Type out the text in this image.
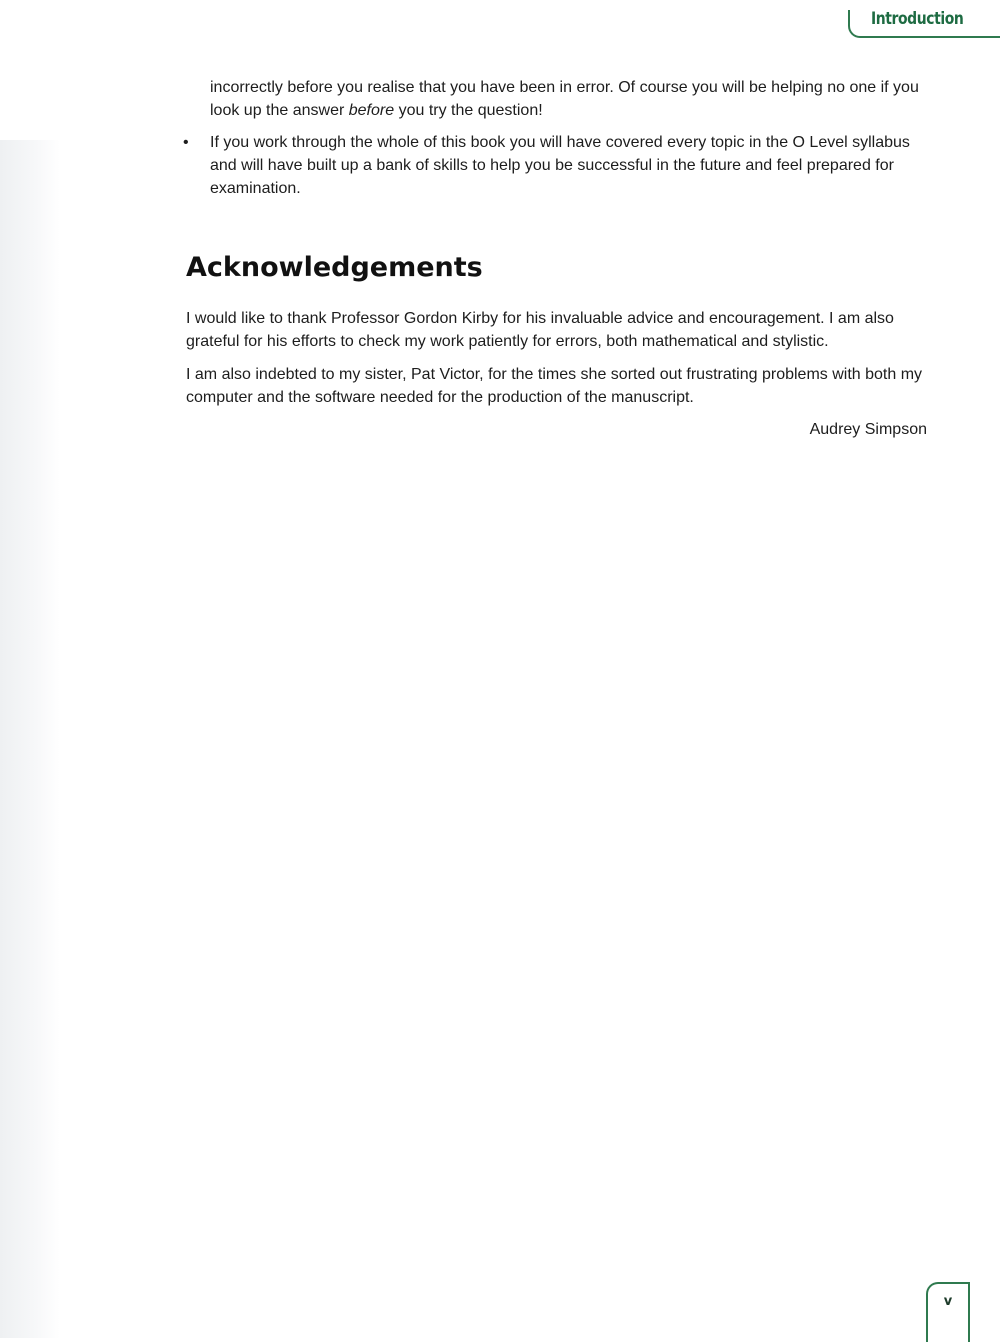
Introduction

incorrectly before you realise that you have been in error. Of course you will be helping no one if you look up the answer before you try the question!

• If you work through the whole of this book you will have covered every topic in the O Level syllabus and will have built up a bank of skills to help you be successful in the future and feel prepared for examination.
Acknowledgements

I would like to thank Professor Gordon Kirby for his invaluable advice and encouragement. I am also grateful for his efforts to check my work patiently for errors, both mathematical and stylistic.

I am also indebted to my sister, Pat Victor, for the times she sorted out frustrating problems with both my computer and the software needed for the production of the manuscript.

Audrey Simpson
v
